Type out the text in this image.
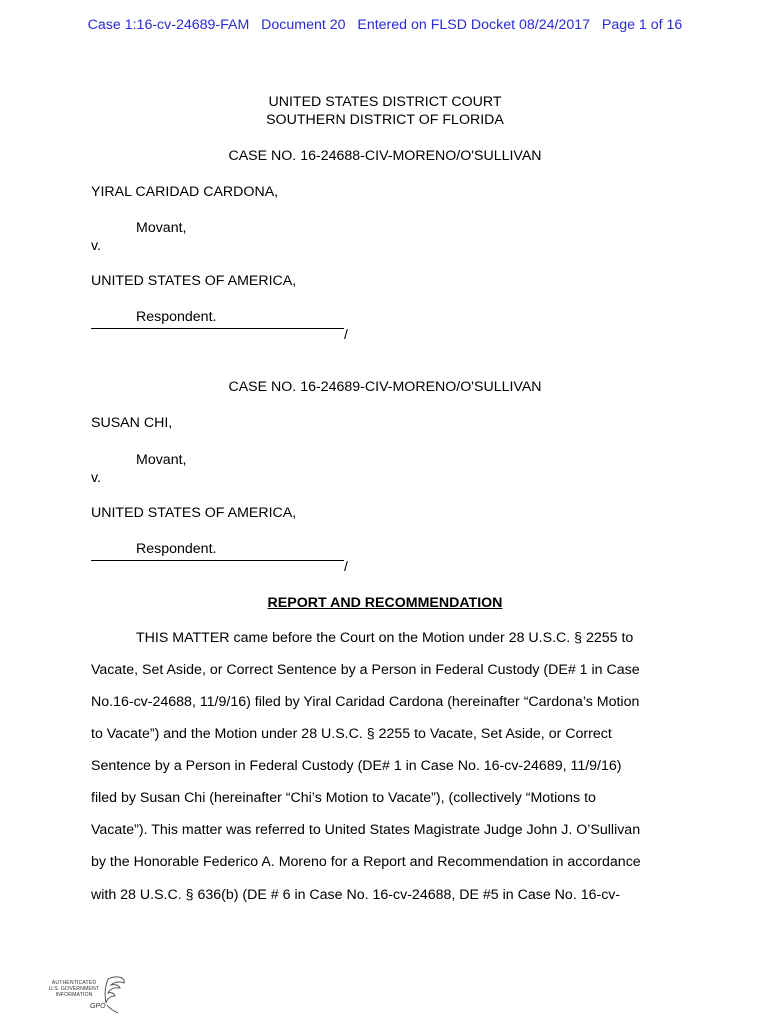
Case 1:16-cv-24689-FAM Document 20 Entered on FLSD Docket 08/24/2017 Page 1 of 16
UNITED STATES DISTRICT COURT
SOUTHERN DISTRICT OF FLORIDA
CASE NO. 16-24688-CIV-MORENO/O'SULLIVAN
YIRAL CARIDAD CARDONA,
Movant,
v.
UNITED STATES OF AMERICA,
Respondent.
/
CASE NO. 16-24689-CIV-MORENO/O'SULLIVAN
SUSAN CHI,
Movant,
v.
UNITED STATES OF AMERICA,
Respondent.
/
REPORT AND RECOMMENDATION
THIS MATTER came before the Court on the Motion under 28 U.S.C. § 2255 to
Vacate, Set Aside, or Correct Sentence by a Person in Federal Custody (DE# 1 in Case
No.16-cv-24688, 11/9/16) filed by Yiral Caridad Cardona (hereinafter “Cardona’s Motion
to Vacate”) and the Motion under 28 U.S.C. § 2255 to Vacate, Set Aside, or Correct
Sentence by a Person in Federal Custody (DE# 1 in Case No. 16-cv-24689, 11/9/16)
filed by Susan Chi (hereinafter “Chi’s Motion to Vacate”), (collectively “Motions to
Vacate”). This matter was referred to United States Magistrate Judge John J. O’Sullivan
by the Honorable Federico A. Moreno for a Report and Recommendation in accordance
with 28 U.S.C. § 636(b) (DE # 6 in Case No. 16-cv-24688, DE #5 in Case No. 16-cv-
AUTHENTICATED
U.S. GOVERNMENT
INFORMATION
GPO
